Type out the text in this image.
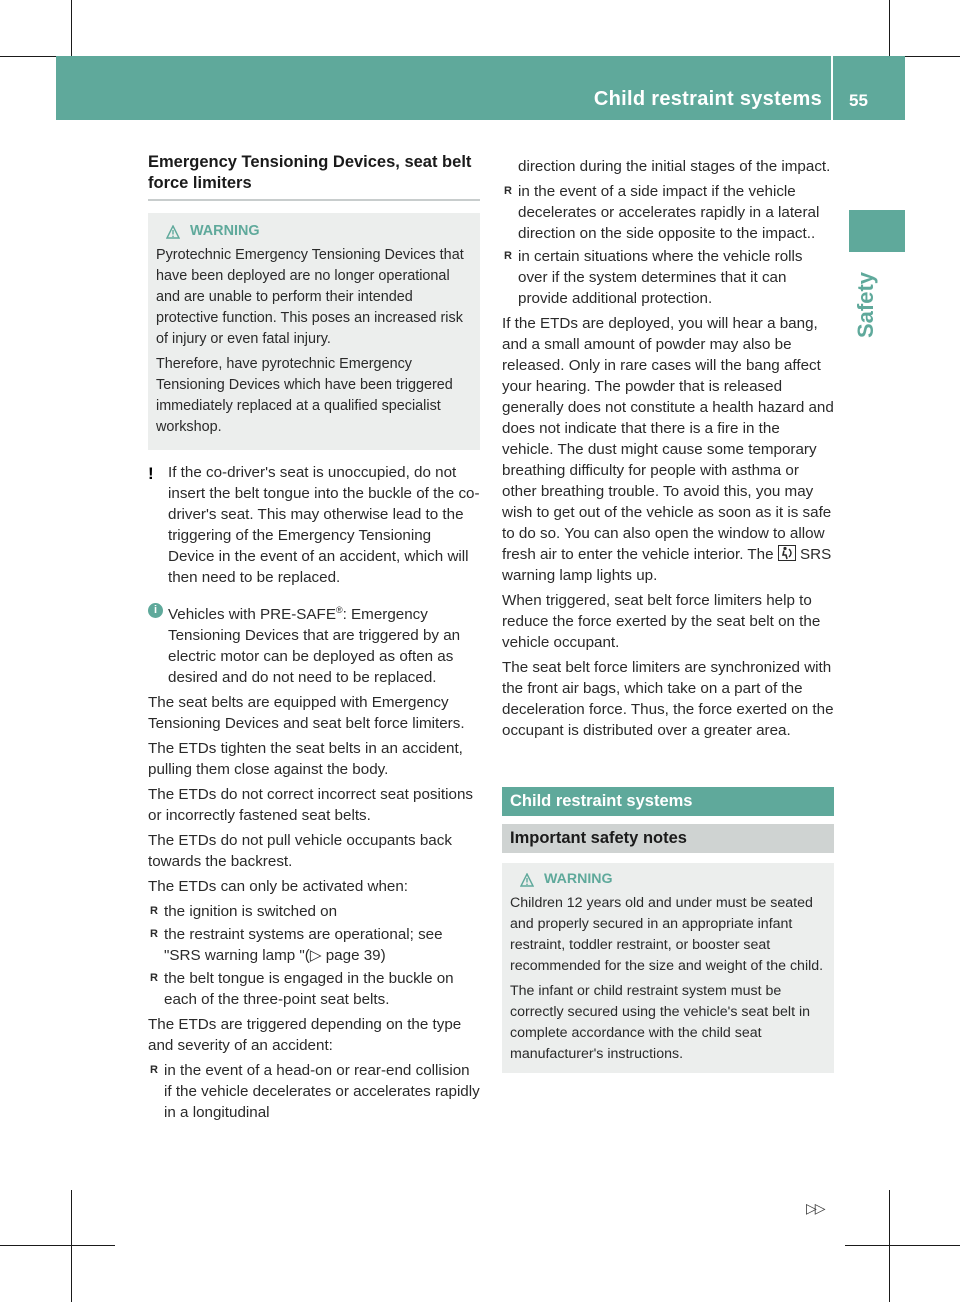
Child restraint systems 55
Safety
Emergency Tensioning Devices, seat belt force limiters
WARNING

Pyrotechnic Emergency Tensioning Devices that have been deployed are no longer operational and are unable to perform their intended protective function. This poses an increased risk of injury or even fatal injury.

Therefore, have pyrotechnic Emergency Tensioning Devices which have been triggered immediately replaced at a qualified specialist workshop.

! If the co-driver's seat is unoccupied, do not insert the belt tongue into the buckle of the co-driver's seat. This may otherwise lead to the triggering of the Emergency Tensioning Device in the event of an accident, which will then need to be replaced.
i Vehicles with PRE-SAFE®: Emergency Tensioning Devices that are triggered by an electric motor can be deployed as often as desired and do not need to be replaced.

The seat belts are equipped with Emergency Tensioning Devices and seat belt force limiters.

The ETDs tighten the seat belts in an accident, pulling them close against the body.

The ETDs do not correct incorrect seat positions or incorrectly fastened seat belts.

The ETDs do not pull vehicle occupants back towards the backrest.

The ETDs can only be activated when:

R the ignition is switched on
R the restraint systems are operational; see "SRS warning lamp "(▷ page 39)
R the belt tongue is engaged in the buckle on each of the three-point seat belts.

The ETDs are triggered depending on the type and severity of an accident:

R in the event of a head-on or rear-end collision if the vehicle decelerates or accelerates rapidly in a longitudinal
direction during the initial stages of the impact.
R in the event of a side impact if the vehicle decelerates or accelerates rapidly in a lateral direction on the side opposite to the impact..
R in certain situations where the vehicle rolls over if the system determines that it can provide additional protection.

If the ETDs are deployed, you will hear a bang, and a small amount of powder may also be released. Only in rare cases will the bang affect your hearing. The powder that is released generally does not constitute a health hazard and does not indicate that there is a fire in the vehicle. The dust might cause some temporary breathing difficulty for people with asthma or other breathing trouble. To avoid this, you may wish to get out of the vehicle as soon as it is safe to do so. You can also open the window to allow fresh air to enter the vehicle interior. The SRS warning lamp lights up.

When triggered, seat belt force limiters help to reduce the force exerted by the seat belt on the vehicle occupant.

The seat belt force limiters are synchronized with the front air bags, which take on a part of the deceleration force. Thus, the force exerted on the occupant is distributed over a greater area.

Child restraint systems
Important safety notes
WARNING

Children 12 years old and under must be seated and properly secured in an appropriate infant restraint, toddler restraint, or booster seat recommended for the size and weight of the child.

The infant or child restraint system must be correctly secured using the vehicle's seat belt in complete accordance with the child seat manufacturer's instructions.

▷▷
